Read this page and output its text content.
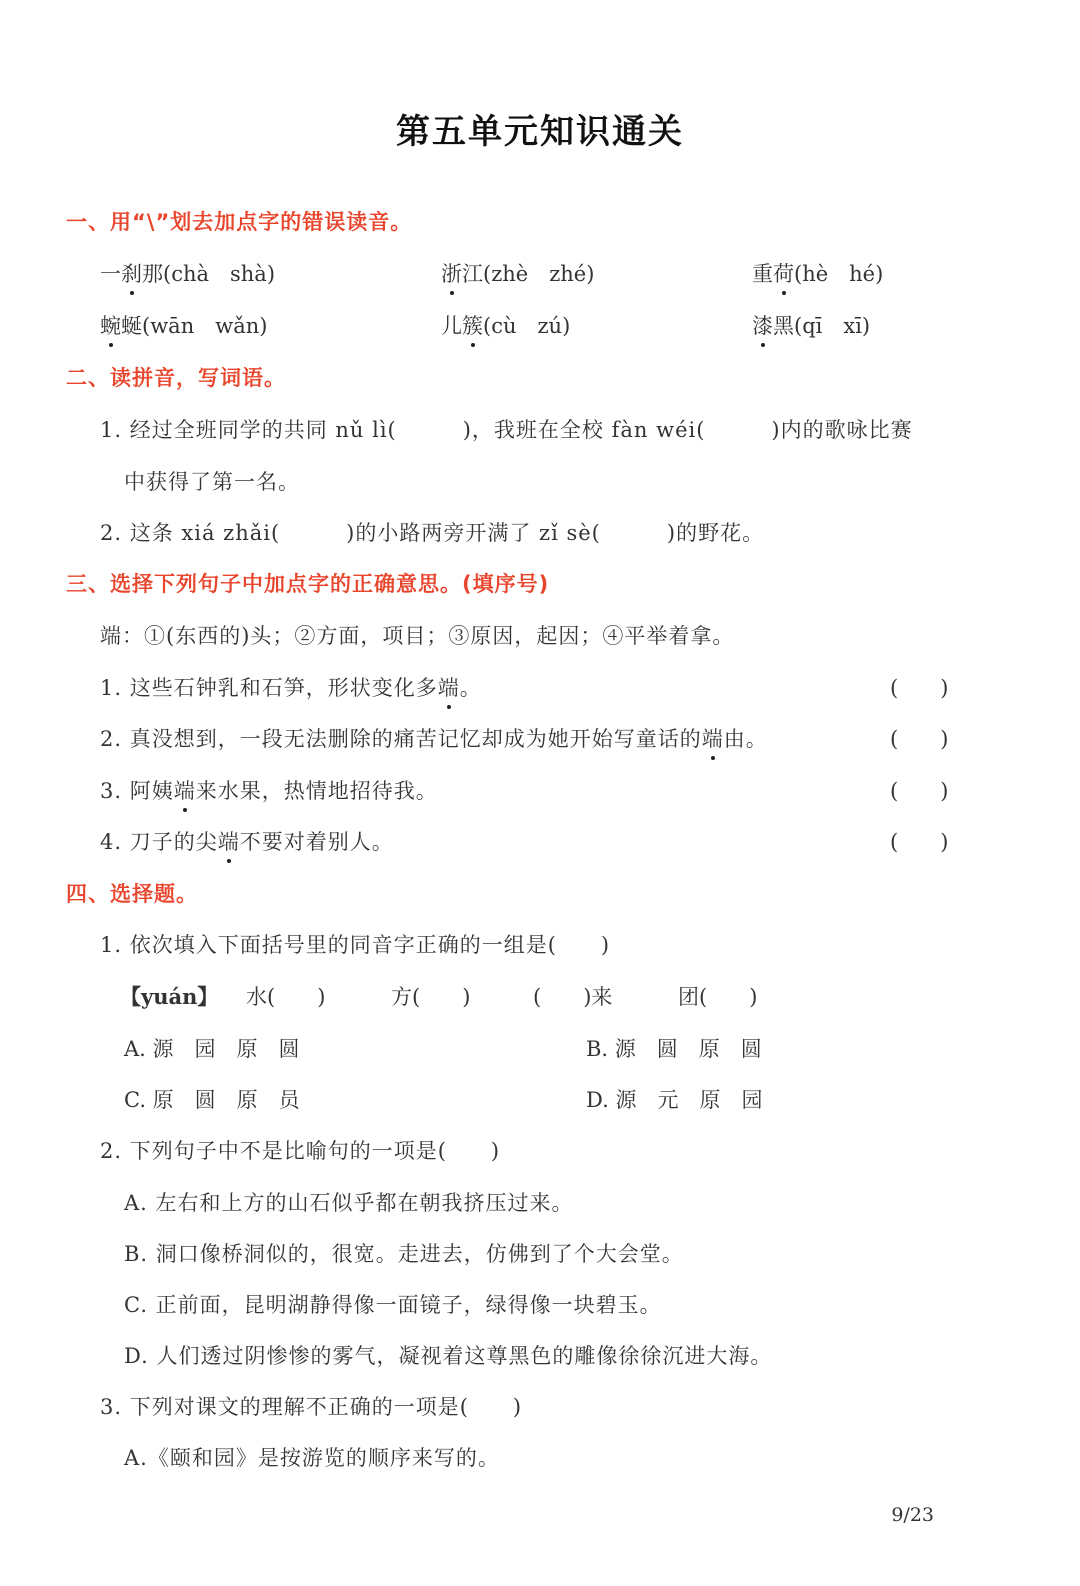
第五单元知识通关
一、用“\”划去加点字的错误读音。
一刹那(chà　shà)	浙江(zhè　zhé)	重荷(hè　hé)
蜿蜒(wān　wǎn)	儿簇(cù　zú)	漆黑(qī　xī)
二、读拼音，写词语。
1. 经过全班同学的共同 nǔ lì(　　　)，我班在全校 fàn wéi(　　　)内的歌咏比赛
中获得了第一名。
2. 这条 xiá zhǎi(　　　)的小路两旁开满了 zǐ sè(　　　)的野花。
三、选择下列句子中加点字的正确意思。(填序号)
端：①(东西的)头；②方面，项目；③原因，起因；④平举着拿。
1. 这些石钟乳和石笋，形状变化多端。	(　　)
2. 真没想到，一段无法删除的痛苦记忆却成为她开始写童话的端由。	(　　)
3. 阿姨端来水果，热情地招待我。	(　　)
4. 刀子的尖端不要对着别人。	(　　)
四、选择题。
1. 依次填入下面括号里的同音字正确的一组是(　　)
【yuán】 水(　　)	方(　　)	(　　)来	团(　　)
A. 源　园　原　圆	B. 源　圆　原　圆
C. 原　圆　原　员	D. 源　元　原　园
2. 下列句子中不是比喻句的一项是(　　)
A. 左右和上方的山石似乎都在朝我挤压过来。
B. 洞口像桥洞似的，很宽。走进去，仿佛到了个大会堂。
C. 正前面，昆明湖静得像一面镜子，绿得像一块碧玉。
D. 人们透过阴惨惨的雾气，凝视着这尊黑色的雕像徐徐沉进大海。
3. 下列对课文的理解不正确的一项是(　　)
A.《颐和园》是按游览的顺序来写的。
9/23
